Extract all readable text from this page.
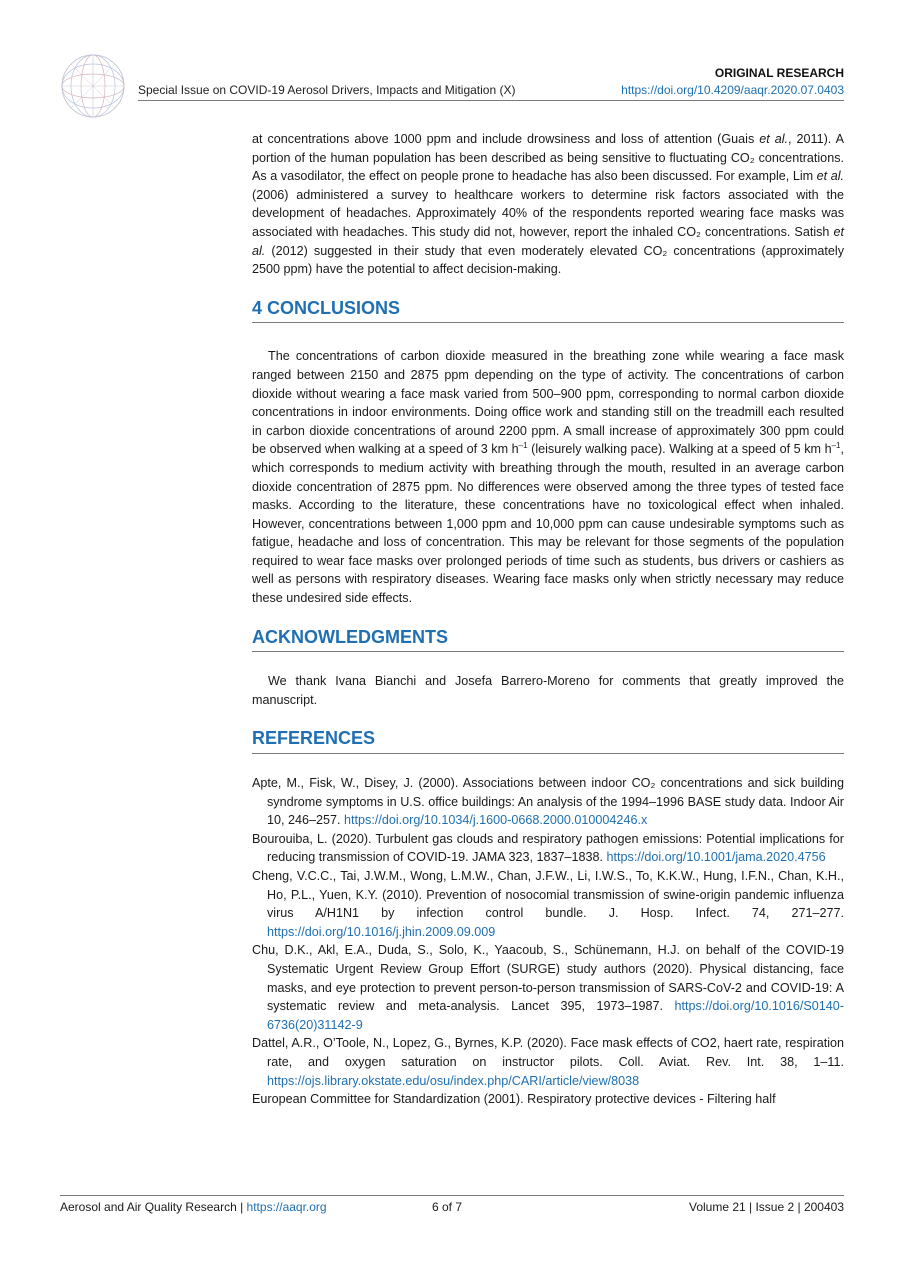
Special Issue on COVID-19 Aerosol Drivers, Impacts and Mitigation (X)
ORIGINAL RESEARCH
https://doi.org/10.4209/aaqr.2020.07.0403

at concentrations above 1000 ppm and include drowsiness and loss of attention (Guais et al., 2011). A portion of the human population has been described as being sensitive to fluctuating CO₂ concentrations. As a vasodilator, the effect on people prone to headache has also been discussed. For example, Lim et al. (2006) administered a survey to healthcare workers to determine risk factors associated with the development of headaches. Approximately 40% of the respondents reported wearing face masks was associated with headaches. This study did not, however, report the inhaled CO₂ concentrations. Satish et al. (2012) suggested in their study that even moderately elevated CO₂ concentrations (approximately 2500 ppm) have the potential to affect decision-making.

4 CONCLUSIONS

The concentrations of carbon dioxide measured in the breathing zone while wearing a face mask ranged between 2150 and 2875 ppm depending on the type of activity. The concentrations of carbon dioxide without wearing a face mask varied from 500–900 ppm, corresponding to normal carbon dioxide concentrations in indoor environments. Doing office work and standing still on the treadmill each resulted in carbon dioxide concentrations of around 2200 ppm. A small increase of approximately 300 ppm could be observed when walking at a speed of 3 km $h^{-1}$ (leisurely walking pace). Walking at a speed of 5 km $h^{-1}$, which corresponds to medium activity with breathing through the mouth, resulted in an average carbon dioxide concentration of 2875 ppm. No differences were observed among the three types of tested face masks. According to the literature, these concentrations have no toxicological effect when inhaled. However, concentrations between 1,000 ppm and 10,000 ppm can cause undesirable symptoms such as fatigue, headache and loss of concentration. This may be relevant for those segments of the population required to wear face masks over prolonged periods of time such as students, bus drivers or cashiers as well as persons with respiratory diseases. Wearing face masks only when strictly necessary may reduce these undesired side effects.

ACKNOWLEDGMENTS

We thank Ivana Bianchi and Josefa Barrero-Moreno for comments that greatly improved the manuscript.

REFERENCES
Apte, M., Fisk, W., Disey, J. (2000). Associations between indoor CO₂ concentrations and sick building syndrome symptoms in U.S. office buildings: An analysis of the 1994–1996 BASE study data. Indoor Air 10, 246–257. https://doi.org/10.1034/j.1600-0668.2000.010004246.x
Bourouiba, L. (2020). Turbulent gas clouds and respiratory pathogen emissions: Potential implications for reducing transmission of COVID-19. JAMA 323, 1837–1838. https://doi.org/10.1001/jama.2020.4756
Cheng, V.C.C., Tai, J.W.M., Wong, L.M.W., Chan, J.F.W., Li, I.W.S., To, K.K.W., Hung, I.F.N., Chan, K.H., Ho, P.L., Yuen, K.Y. (2010). Prevention of nosocomial transmission of swine-origin pandemic influenza virus A/H1N1 by infection control bundle. J. Hosp. Infect. 74, 271–277. https://doi.org/10.1016/j.jhin.2009.09.009
Chu, D.K., Akl, E.A., Duda, S., Solo, K., Yaacoub, S., Schünemann, H.J. on behalf of the COVID-19 Systematic Urgent Review Group Effort (SURGE) study authors (2020). Physical distancing, face masks, and eye protection to prevent person-to-person transmission of SARS-CoV-2 and COVID-19: A systematic review and meta-analysis. Lancet 395, 1973–1987. https://doi.org/10.1016/S0140-6736(20)31142-9
Dattel, A.R., O’Toole, N., Lopez, G., Byrnes, K.P. (2020). Face mask effects of CO2, haert rate, respiration rate, and oxygen saturation on instructor pilots. Coll. Aviat. Rev. Int. 38, 1–11. https://ojs.library.okstate.edu/osu/index.php/CARI/article/view/8038
European Committee for Standardization (2001). Respiratory protective devices - Filtering half
Aerosol and Air Quality Research | https://aaqr.org	6 of 7	Volume 21 | Issue 2 | 200403
